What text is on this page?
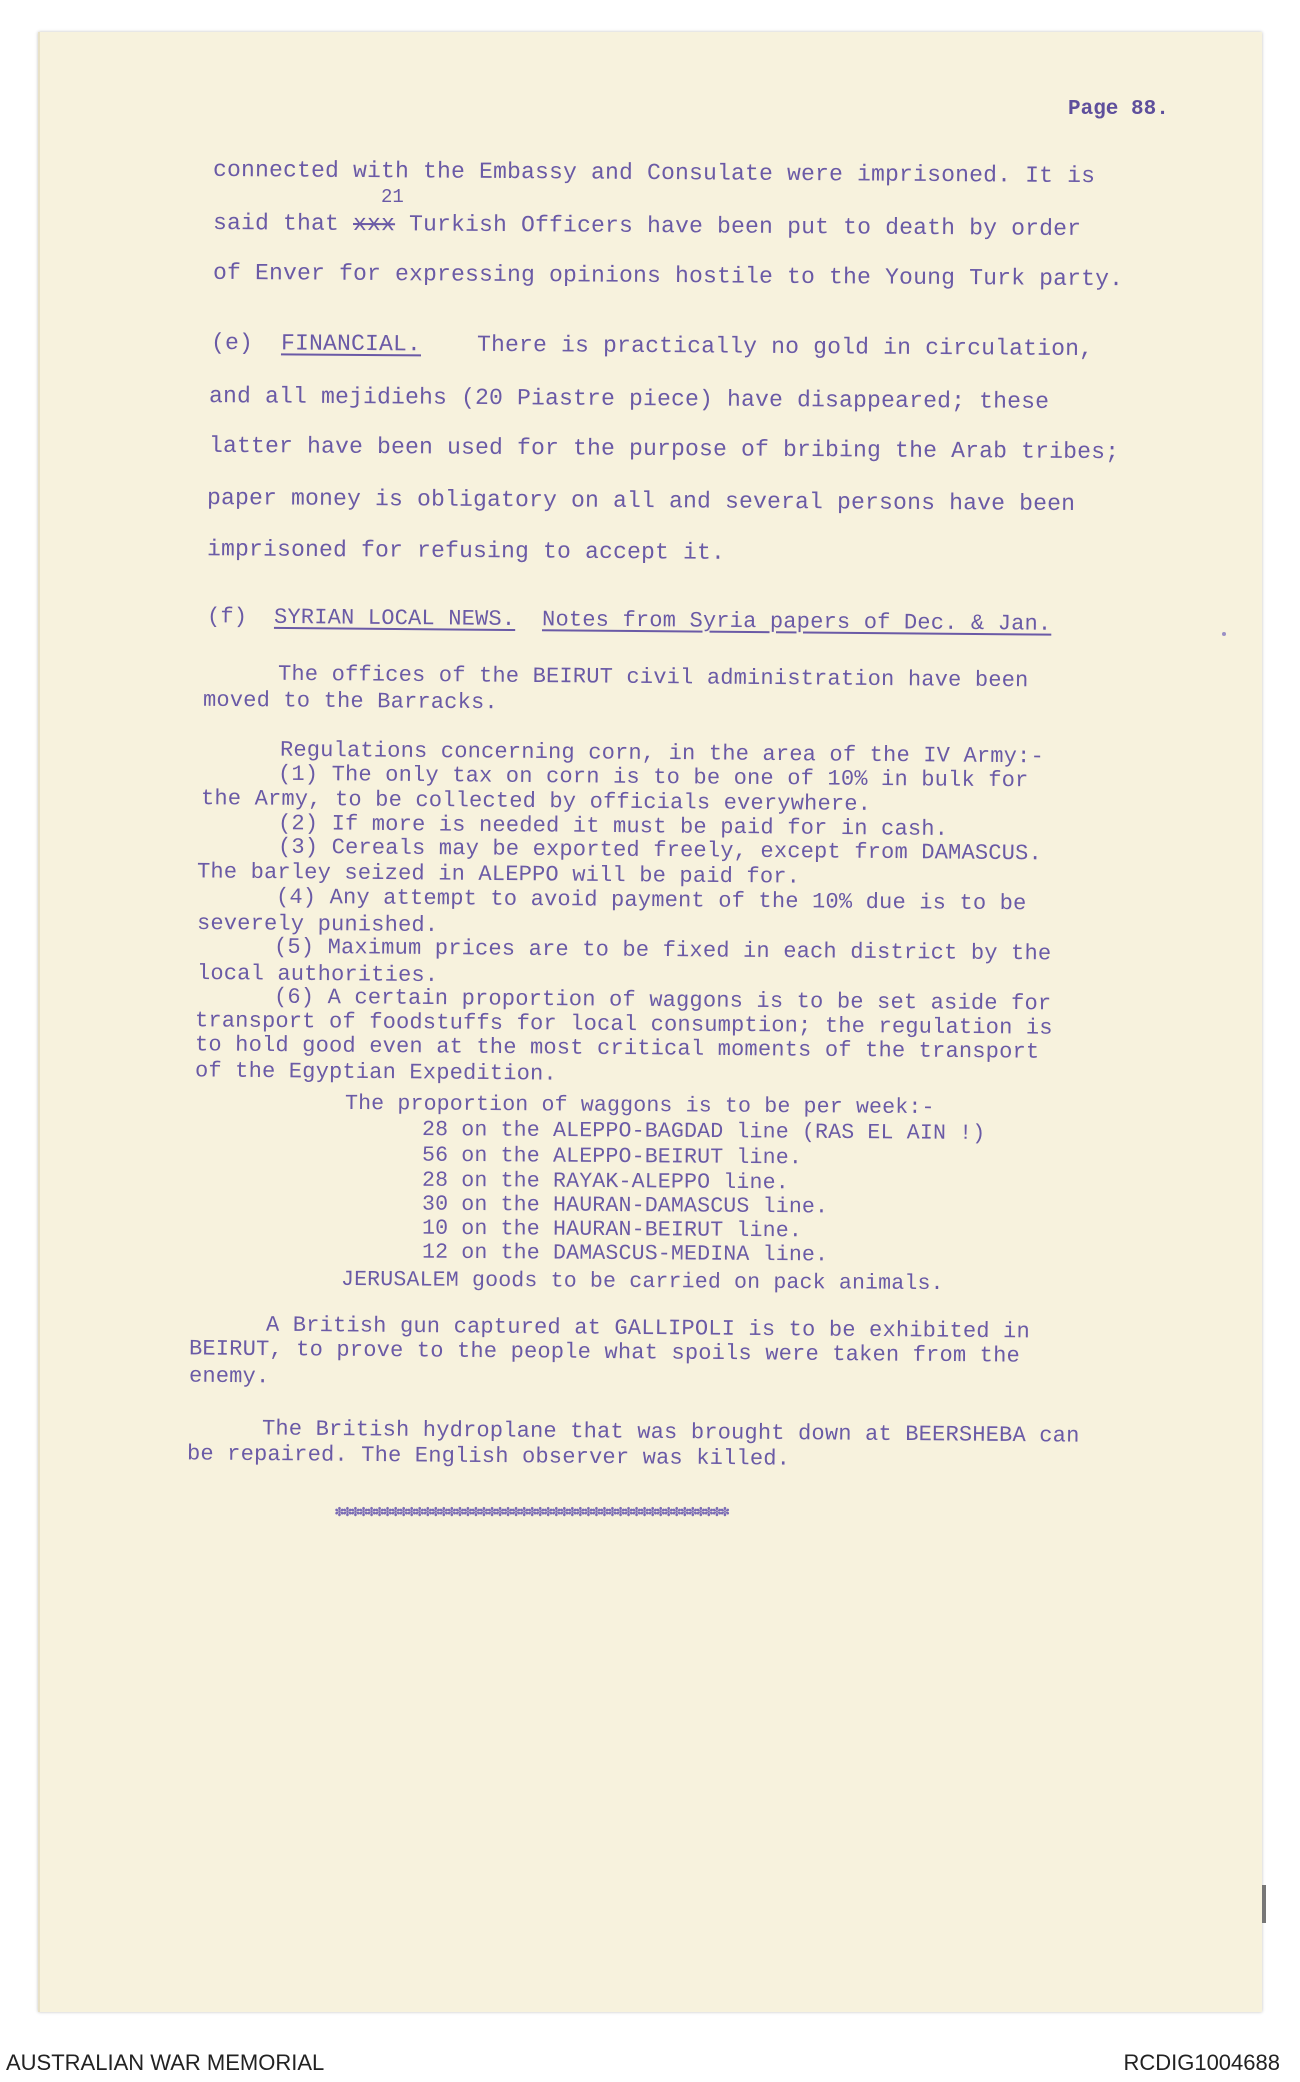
Page 88.
connected with the Embassy and Consulate were imprisoned. It is
21
said that xxx Turkish Officers have been put to death by order
of Enver for expressing opinions hostile to the Young Turk party.
(e) FINANCIAL. There is practically no gold in circulation,
and all mejidiehs (20 Piastre piece) have disappeared; these
latter have been used for the purpose of bribing the Arab tribes;
paper money is obligatory on all and several persons have been
imprisoned for refusing to accept it.
(f) SYRIAN LOCAL NEWS. Notes from Syria papers of Dec. & Jan.
The offices of the BEIRUT civil administration have been
moved to the Barracks.
Regulations concerning corn, in the area of the IV Army:-
(1) The only tax on corn is to be one of 10% in bulk for
the Army, to be collected by officials everywhere.
(2) If more is needed it must be paid for in cash.
(3) Cereals may be exported freely, except from DAMASCUS.
The barley seized in ALEPPO will be paid for.
(4) Any attempt to avoid payment of the 10% due is to be
severely punished.
(5) Maximum prices are to be fixed in each district by the
local authorities.
(6) A certain proportion of waggons is to be set aside for
transport of foodstuffs for local consumption; the regulation is
to hold good even at the most critical moments of the transport
of the Egyptian Expedition.
The proportion of waggons is to be per week:-
28 on the ALEPPO-BAGDAD line (RAS EL AIN !)
56 on the ALEPPO-BEIRUT line.
28 on the RAYAK-ALEPPO line.
30 on the HAURAN-DAMASCUS line.
10 on the HAURAN-BEIRUT line.
12 on the DAMASCUS-MEDINA line.
JERUSALEM goods to be carried on pack animals.
A British gun captured at GALLIPOLI is to be exhibited in
BEIRUT, to prove to the people what spoils were taken from the
enemy.
The British hydroplane that was brought down at BEERSHEBA can
be repaired. The English observer was killed.
✽✽✽✽✽✽✽✽✽✽✽✽✽✽✽✽✽✽✽✽✽✽✽✽✽✽✽✽✽✽✽✽✽✽✽✽✽✽✽✽✽✽✽✽✽✽✽✽✽
AUSTRALIAN WAR MEMORIAL	RCDIG1004688
